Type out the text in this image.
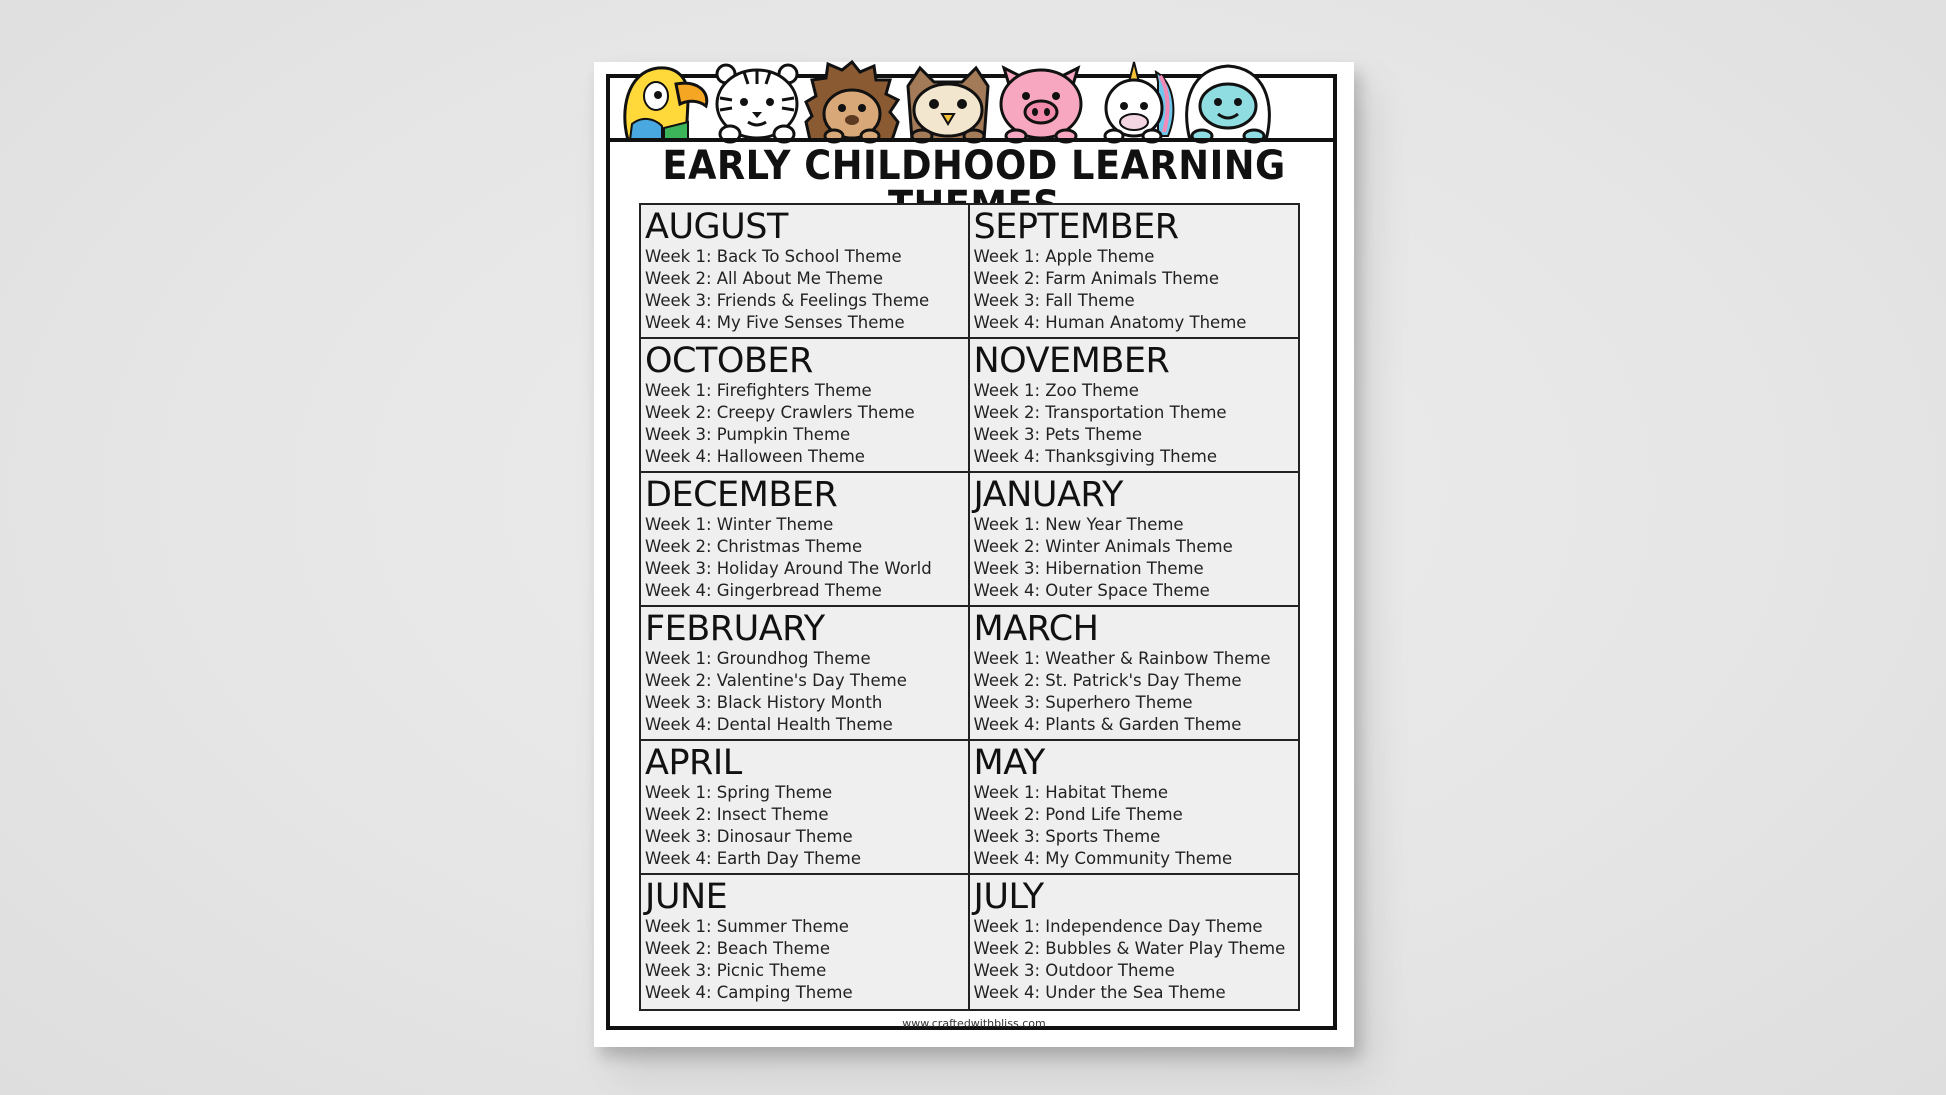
EARLY CHILDHOOD LEARNING
AUGUST
Week 1: Back To School Theme
Week 2: All About Me Theme
Week 3: Friends & Feelings Theme
Week 4: My Five Senses Theme
SEPTEMBER
Week 1: Apple Theme
Week 2: Farm Animals Theme
Week 3: Fall Theme
Week 4: Human Anatomy Theme
OCTOBER
Week 1: Firefighters Theme
Week 2: Creepy Crawlers Theme
Week 3: Pumpkin Theme
Week 4: Halloween Theme
NOVEMBER
Week 1: Zoo Theme
Week 2: Transportation Theme
Week 3: Pets Theme
Week 4: Thanksgiving Theme
DECEMBER
Week 1: Winter Theme
Week 2: Christmas Theme
Week 3: Holiday Around The World
Week 4: Gingerbread Theme
JANUARY
Week 1: New Year Theme
Week 2: Winter Animals Theme
Week 3: Hibernation Theme
Week 4: Outer Space Theme
FEBRUARY
Week 1: Groundhog Theme
Week 2: Valentine's Day Theme
Week 3: Black History Month
Week 4: Dental Health Theme
MARCH
Week 1: Weather & Rainbow Theme
Week 2: St. Patrick's Day Theme
Week 3: Superhero Theme
Week 4: Plants & Garden Theme
APRIL
Week 1: Spring Theme
Week 2: Insect Theme
Week 3: Dinosaur Theme
Week 4: Earth Day Theme
MAY
Week 1: Habitat Theme
Week 2: Pond Life Theme
Week 3: Sports Theme
Week 4: My Community Theme
JUNE
Week 1: Summer Theme
Week 2: Beach Theme
Week 3: Picnic Theme
Week 4: Camping Theme
JULY
Week 1: Independence Day Theme
Week 2: Bubbles & Water Play Theme
Week 3: Outdoor Theme
Week 4: Under the Sea Theme
www.craftedwithbliss.com
